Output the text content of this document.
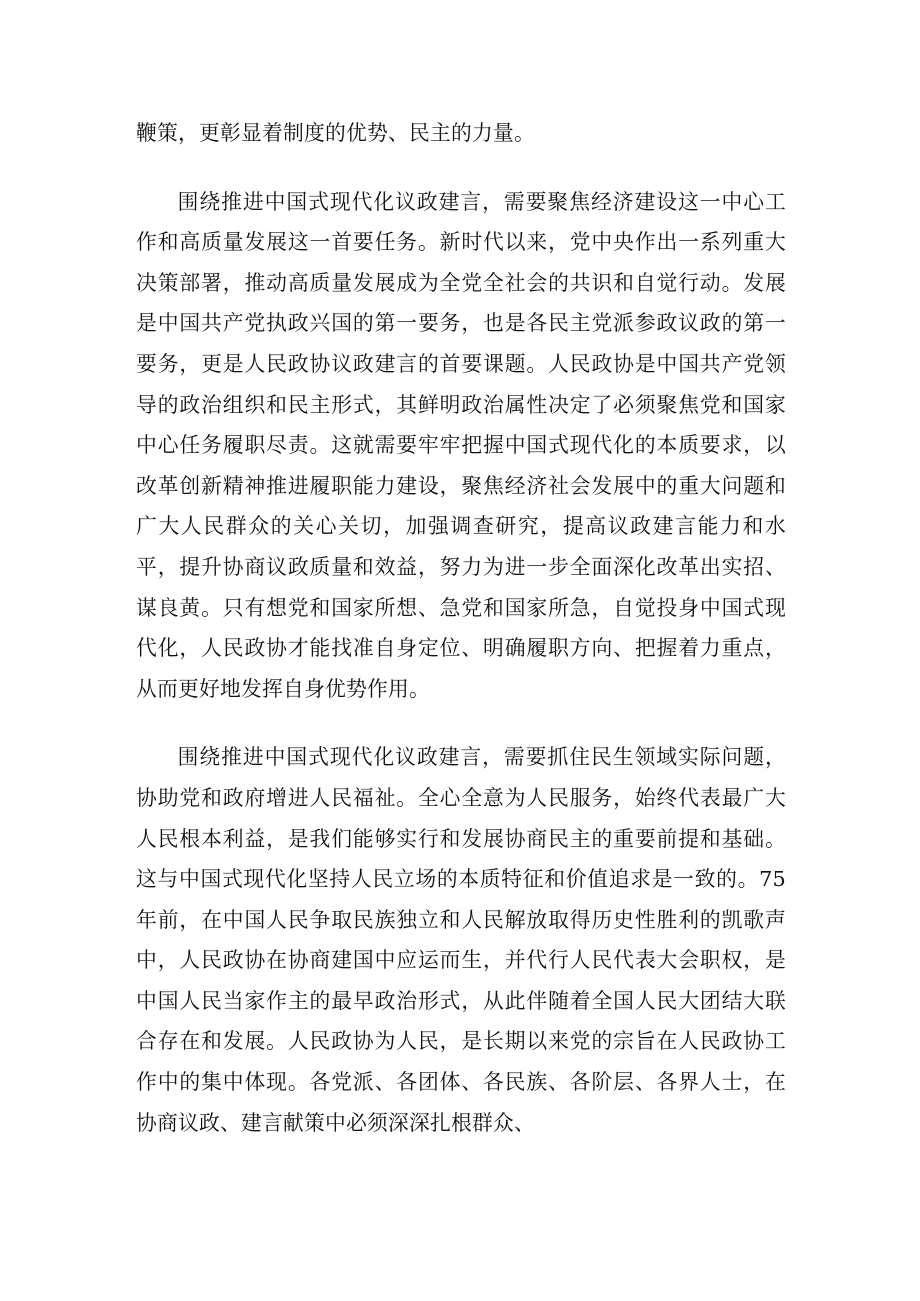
鞭策，更彰显着制度的优势、民主的力量。

围绕推进中国式现代化议政建言，需要聚焦经济建设这一中心工作和高质量发展这一首要任务。新时代以来，党中央作出一系列重大决策部署，推动高质量发展成为全党全社会的共识和自觉行动。发展是中国共产党执政兴国的第一要务，也是各民主党派参政议政的第一要务，更是人民政协议政建言的首要课题。人民政协是中国共产党领导的政治组织和民主形式，其鲜明政治属性决定了必须聚焦党和国家中心任务履职尽责。这就需要牢牢把握中国式现代化的本质要求，以改革创新精神推进履职能力建设，聚焦经济社会发展中的重大问题和广大人民群众的关心关切，加强调查研究，提高议政建言能力和水平，提升协商议政质量和效益，努力为进一步全面深化改革出实招、谋良黄。只有想党和国家所想、急党和国家所急，自觉投身中国式现代化，人民政协才能找准自身定位、明确履职方向、把握着力重点，从而更好地发挥自身优势作用。

围绕推进中国式现代化议政建言，需要抓住民生领域实际问题，协助党和政府增进人民福祉。全心全意为人民服务，始终代表最广大人民根本利益，是我们能够实行和发展协商民主的重要前提和基础。这与中国式现代化坚持人民立场的本质特征和价值追求是一致的。75年前，在中国人民争取民族独立和人民解放取得历史性胜利的凯歌声中，人民政协在协商建国中应运而生，并代行人民代表大会职权，是中国人民当家作主的最早政治形式，从此伴随着全国人民大团结大联合存在和发展。人民政协为人民，是长期以来党的宗旨在人民政协工作中的集中体现。各党派、各团体、各民族、各阶层、各界人士，在协商议政、建言献策中必须深深扎根群众、
